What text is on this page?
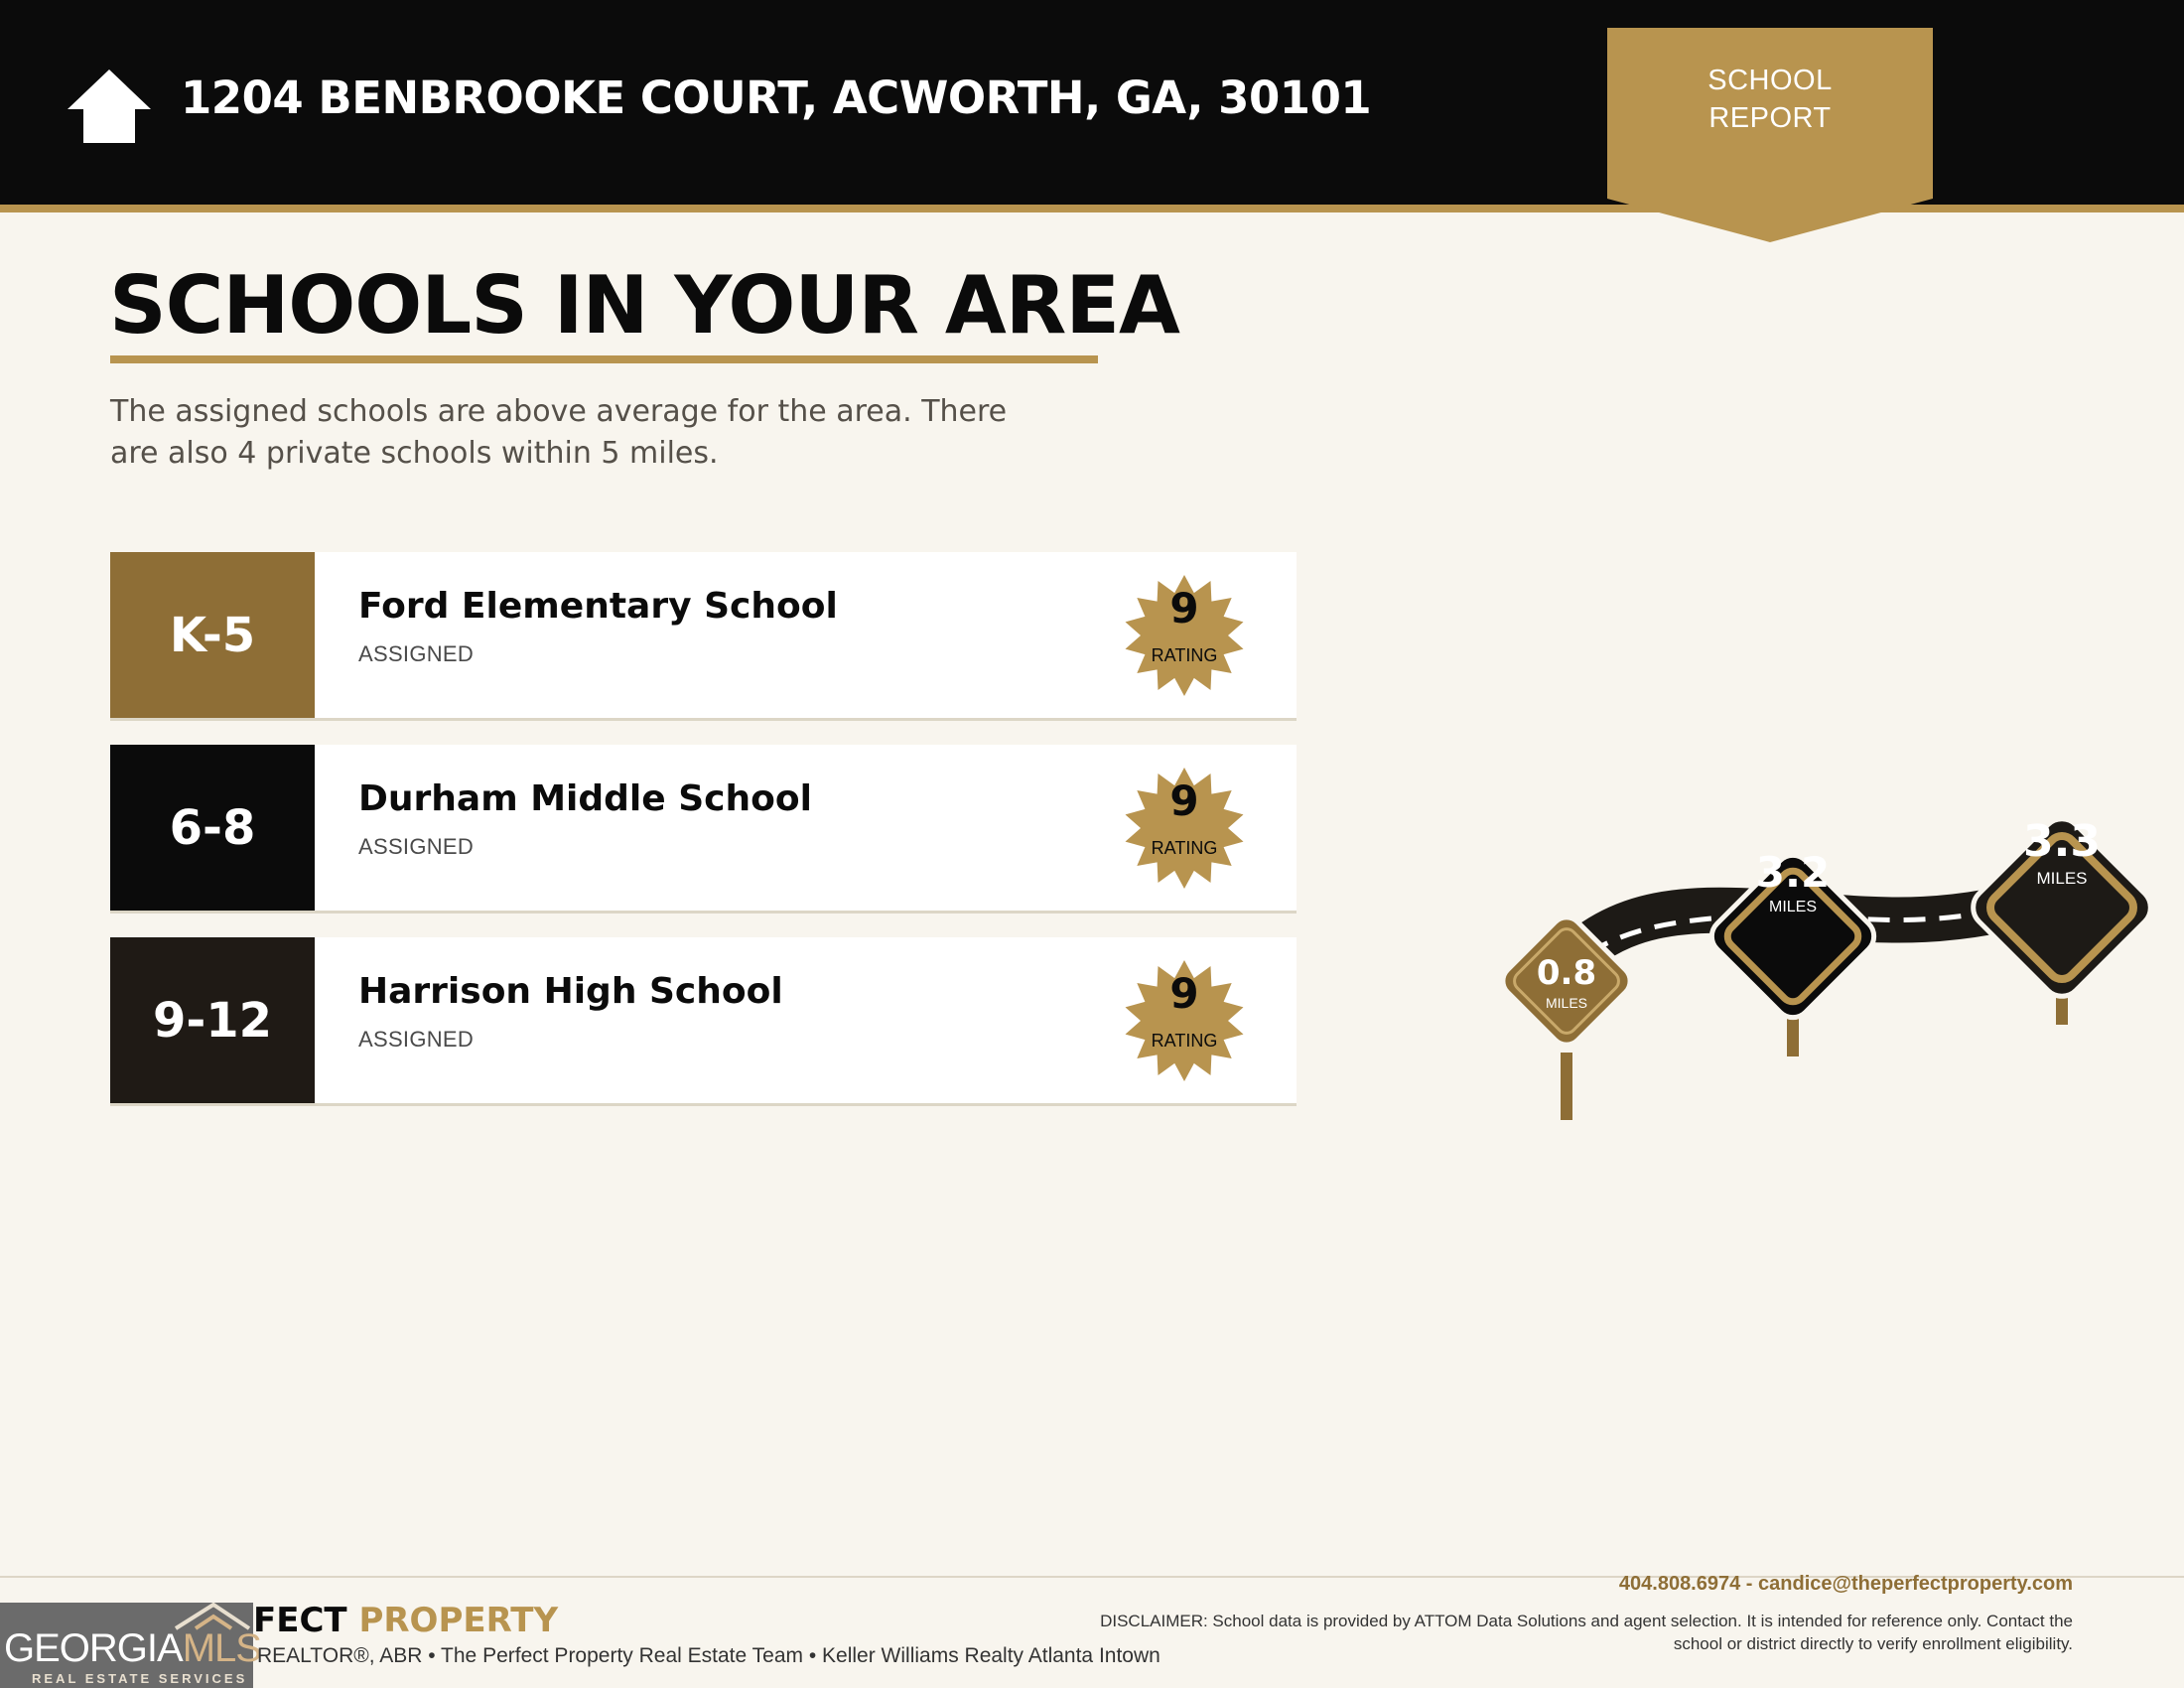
1204 BENBROOKE COURT, ACWORTH, GA, 30101	SCHOOL
REPORT
SCHOOLS IN YOUR AREA
The assigned schools are above average for the area. There are also 4 private schools within 5 miles.
K-5
Ford Elementary School
ASSIGNED
9
RATING
6-8
Durham Middle School
ASSIGNED
9
RATING
9-12
Harrison High School
ASSIGNED
9
RATING
0.8
MILES
3.2
MILES
3.3
MILES
GEORGIAMLS
REAL ESTATE SERVICES
FECT PROPERTY
REALTOR®, ABR • The Perfect Property Real Estate Team • Keller Williams Realty Atlanta Intown
404.808.6974 - candice@theperfectproperty.com
DISCLAIMER: School data is provided by ATTOM Data Solutions and agent selection. It is intended for reference only. Contact the school or district directly to verify enrollment eligibility.
